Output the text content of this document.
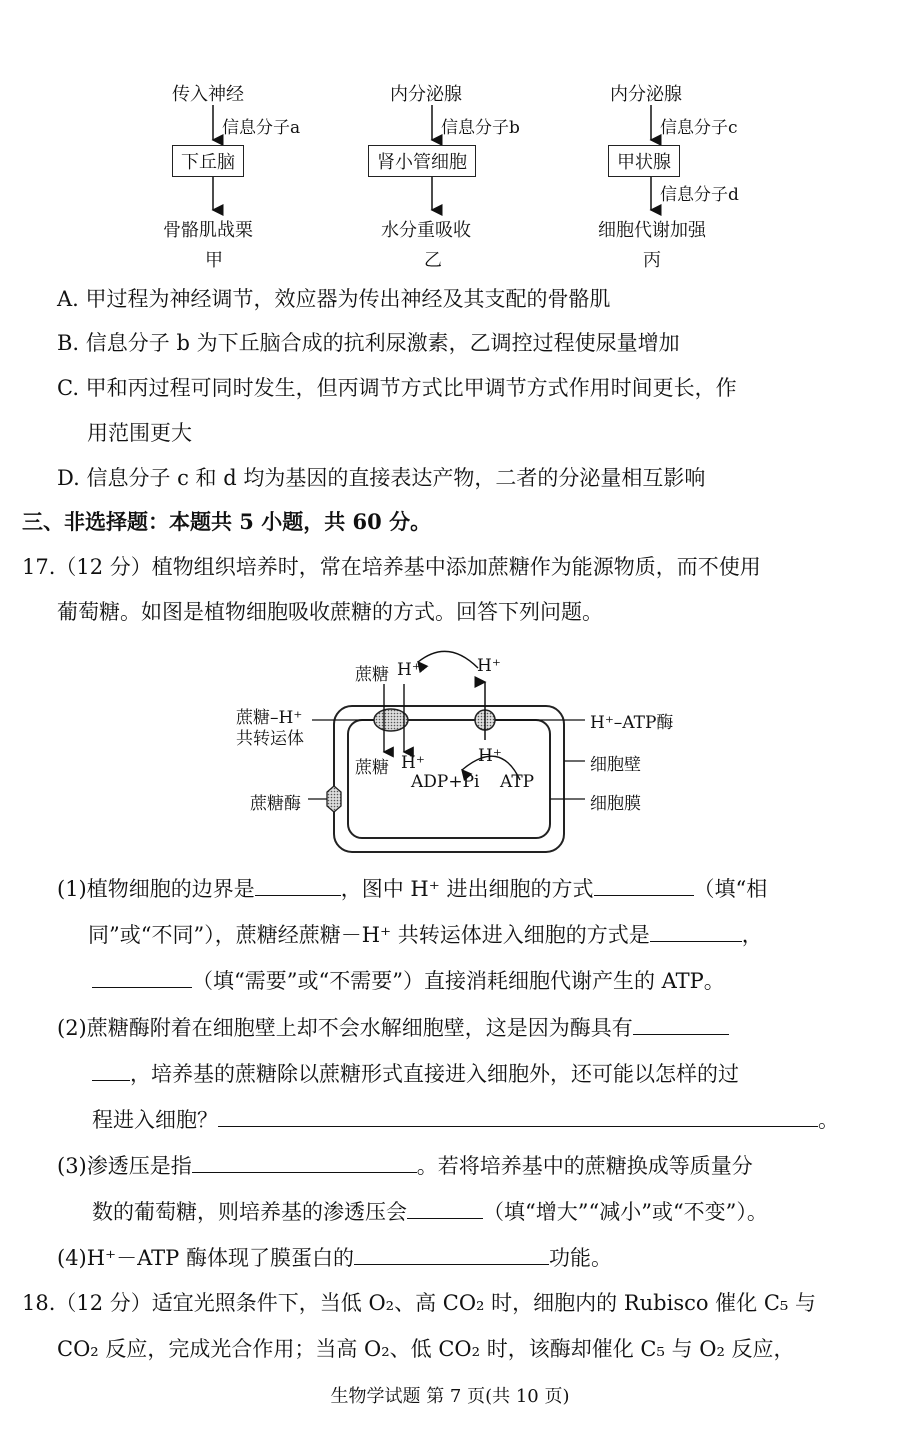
传入神经
信息分子a
下丘脑
骨骼肌战栗
甲
内分泌腺
信息分子b
肾小管细胞
水分重吸收
乙
内分泌腺
信息分子c
甲状腺
信息分子d
细胞代谢加强
丙
A. 甲过程为神经调节，效应器为传出神经及其支配的骨骼肌
B. 信息分子 b 为下丘脑合成的抗利尿激素，乙调控过程使尿量增加
C. 甲和丙过程可同时发生，但丙调节方式比甲调节方式作用时间更长，作
用范围更大
D. 信息分子 c 和 d 均为基因的直接表达产物，二者的分泌量相互影响
三、非选择题：本题共 5 小题，共 60 分。
17.（12 分）植物组织培养时，常在培养基中添加蔗糖作为能源物质，而不使用
葡萄糖。如图是植物细胞吸收蔗糖的方式。回答下列问题。
蔗糖 H⁺	H⁺
蔗糖–H⁺
共转运体
H⁺–ATP酶
蔗糖 H⁺	H⁺
ADP+Pi ATP
细胞壁
蔗糖酶	细胞膜
(1)植物细胞的边界是	，图中 H⁺ 进出细胞的方式	（填“相
同”或“不同”），蔗糖经蔗糖－H⁺ 共转运体进入细胞的方式是	，
（填“需要”或“不需要”）直接消耗细胞代谢产生的 ATP。
(2)蔗糖酶附着在细胞壁上却不会水解细胞壁，这是因为酶具有
，培养基的蔗糖除以蔗糖形式直接进入细胞外，还可能以怎样的过
程进入细胞？	。
(3)渗透压是指	。若将培养基中的蔗糖换成等质量分
数的葡萄糖，则培养基的渗透压会	（填“增大”“减小”或“不变”）。
(4)H⁺－ATP 酶体现了膜蛋白的	功能。
18.（12 分）适宜光照条件下，当低 O₂、高 CO₂ 时，细胞内的 Rubisco 催化 C₅ 与
CO₂ 反应，完成光合作用；当高 O₂、低 CO₂ 时，该酶却催化 C₅ 与 O₂ 反应，
生物学试题 第 7 页(共 10 页)
